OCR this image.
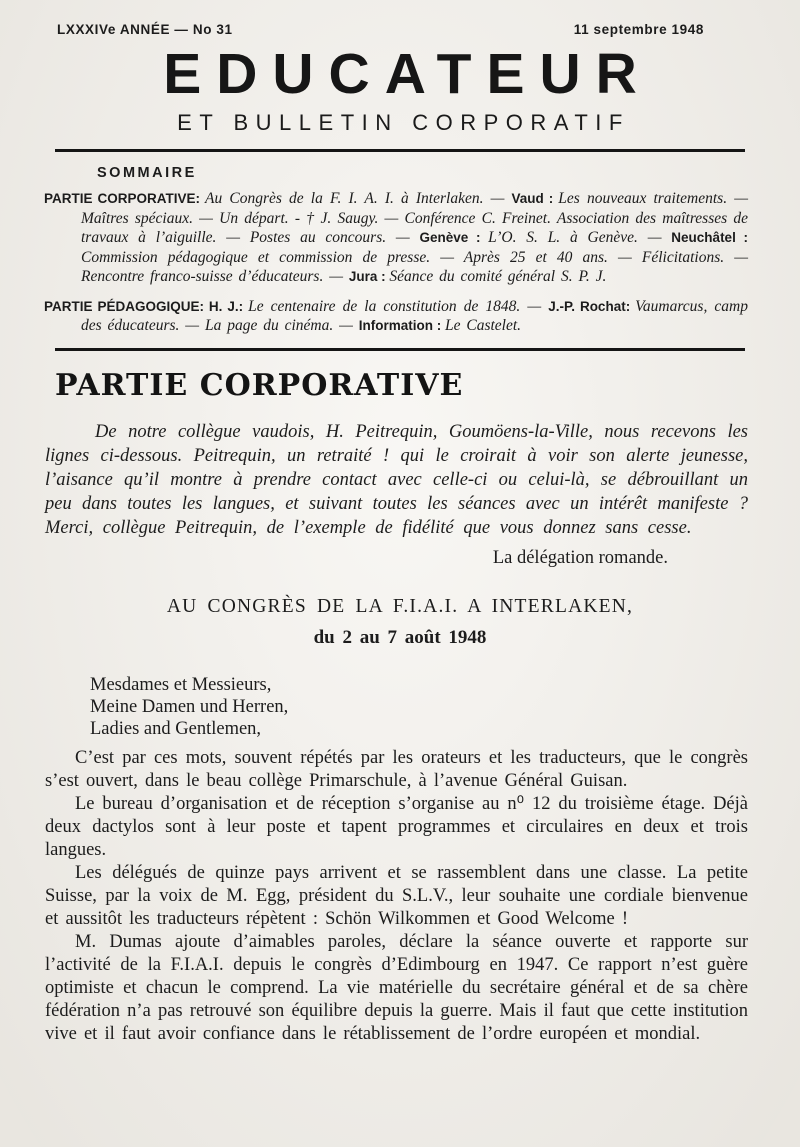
LXXXIVe ANNÉE — No 31	11 septembre 1948
EDUCATEUR
ET BULLETIN CORPORATIF
SOMMAIRE
PARTIE CORPORATIVE: Au Congrès de la F. I. A. I. à Interlaken. — Vaud : Les nouveaux traitements. — Maîtres spéciaux. — Un départ. - † J. Saugy. — Conférence C. Freinet. Association des maîtresses de travaux à l’aiguille. — Postes au concours. — Genève : L’O. S. L. à Genève. — Neuchâtel : Commission pédagogique et commission de presse. — Après 25 et 40 ans. — Félicitations. — Rencontre franco-suisse d’éducateurs. — Jura : Séance du comité général S. P. J.
PARTIE PÉDAGOGIQUE: H. J.: Le centenaire de la constitution de 1848. — J.-P. Rochat: Vaumarcus, camp des éducateurs. — La page du cinéma. — Information : Le Castelet.
PARTIE CORPORATIVE
De notre collègue vaudois, H. Peitrequin, Goumöens-la-Ville, nous recevons les lignes ci-dessous. Peitrequin, un retraité ! qui le croirait à voir son alerte jeunesse, l’aisance qu’il montre à prendre contact avec celle-ci ou celui-là, se débrouillant un peu dans toutes les langues, et suivant toutes les séances avec un intérêt manifeste ? Merci, collègue Peitrequin, de l’exemple de fidélité que vous donnez sans cesse.
La délégation romande.
AU CONGRÈS DE LA F.I.A.I. A INTERLAKEN,
du 2 au 7 août 1948
Mesdames et Messieurs,
Meine Damen und Herren,
Ladies and Gentlemen,

C’est par ces mots, souvent répétés par les orateurs et les traducteurs, que le congrès s’est ouvert, dans le beau collège Primarschule, à l’avenue Général Guisan.

Le bureau d’organisation et de réception s’organise au n⁰ 12 du troisième étage. Déjà deux dactylos sont à leur poste et tapent programmes et circulaires en deux et trois langues.

Les délégués de quinze pays arrivent et se rassemblent dans une classe. La petite Suisse, par la voix de M. Egg, président du S.L.V., leur souhaite une cordiale bienvenue et aussitôt les traducteurs répètent : Schön Wilkommen et Good Welcome !

M. Dumas ajoute d’aimables paroles, déclare la séance ouverte et rapporte sur l’activité de la F.I.A.I. depuis le congrès d’Edimbourg en 1947. Ce rapport n’est guère optimiste et chacun le comprend. La vie matérielle du secrétaire général et de sa chère fédération n’a pas retrouvé son équilibre depuis la guerre. Mais il faut que cette institution vive et il faut avoir confiance dans le rétablissement de l’ordre européen et mondial.
